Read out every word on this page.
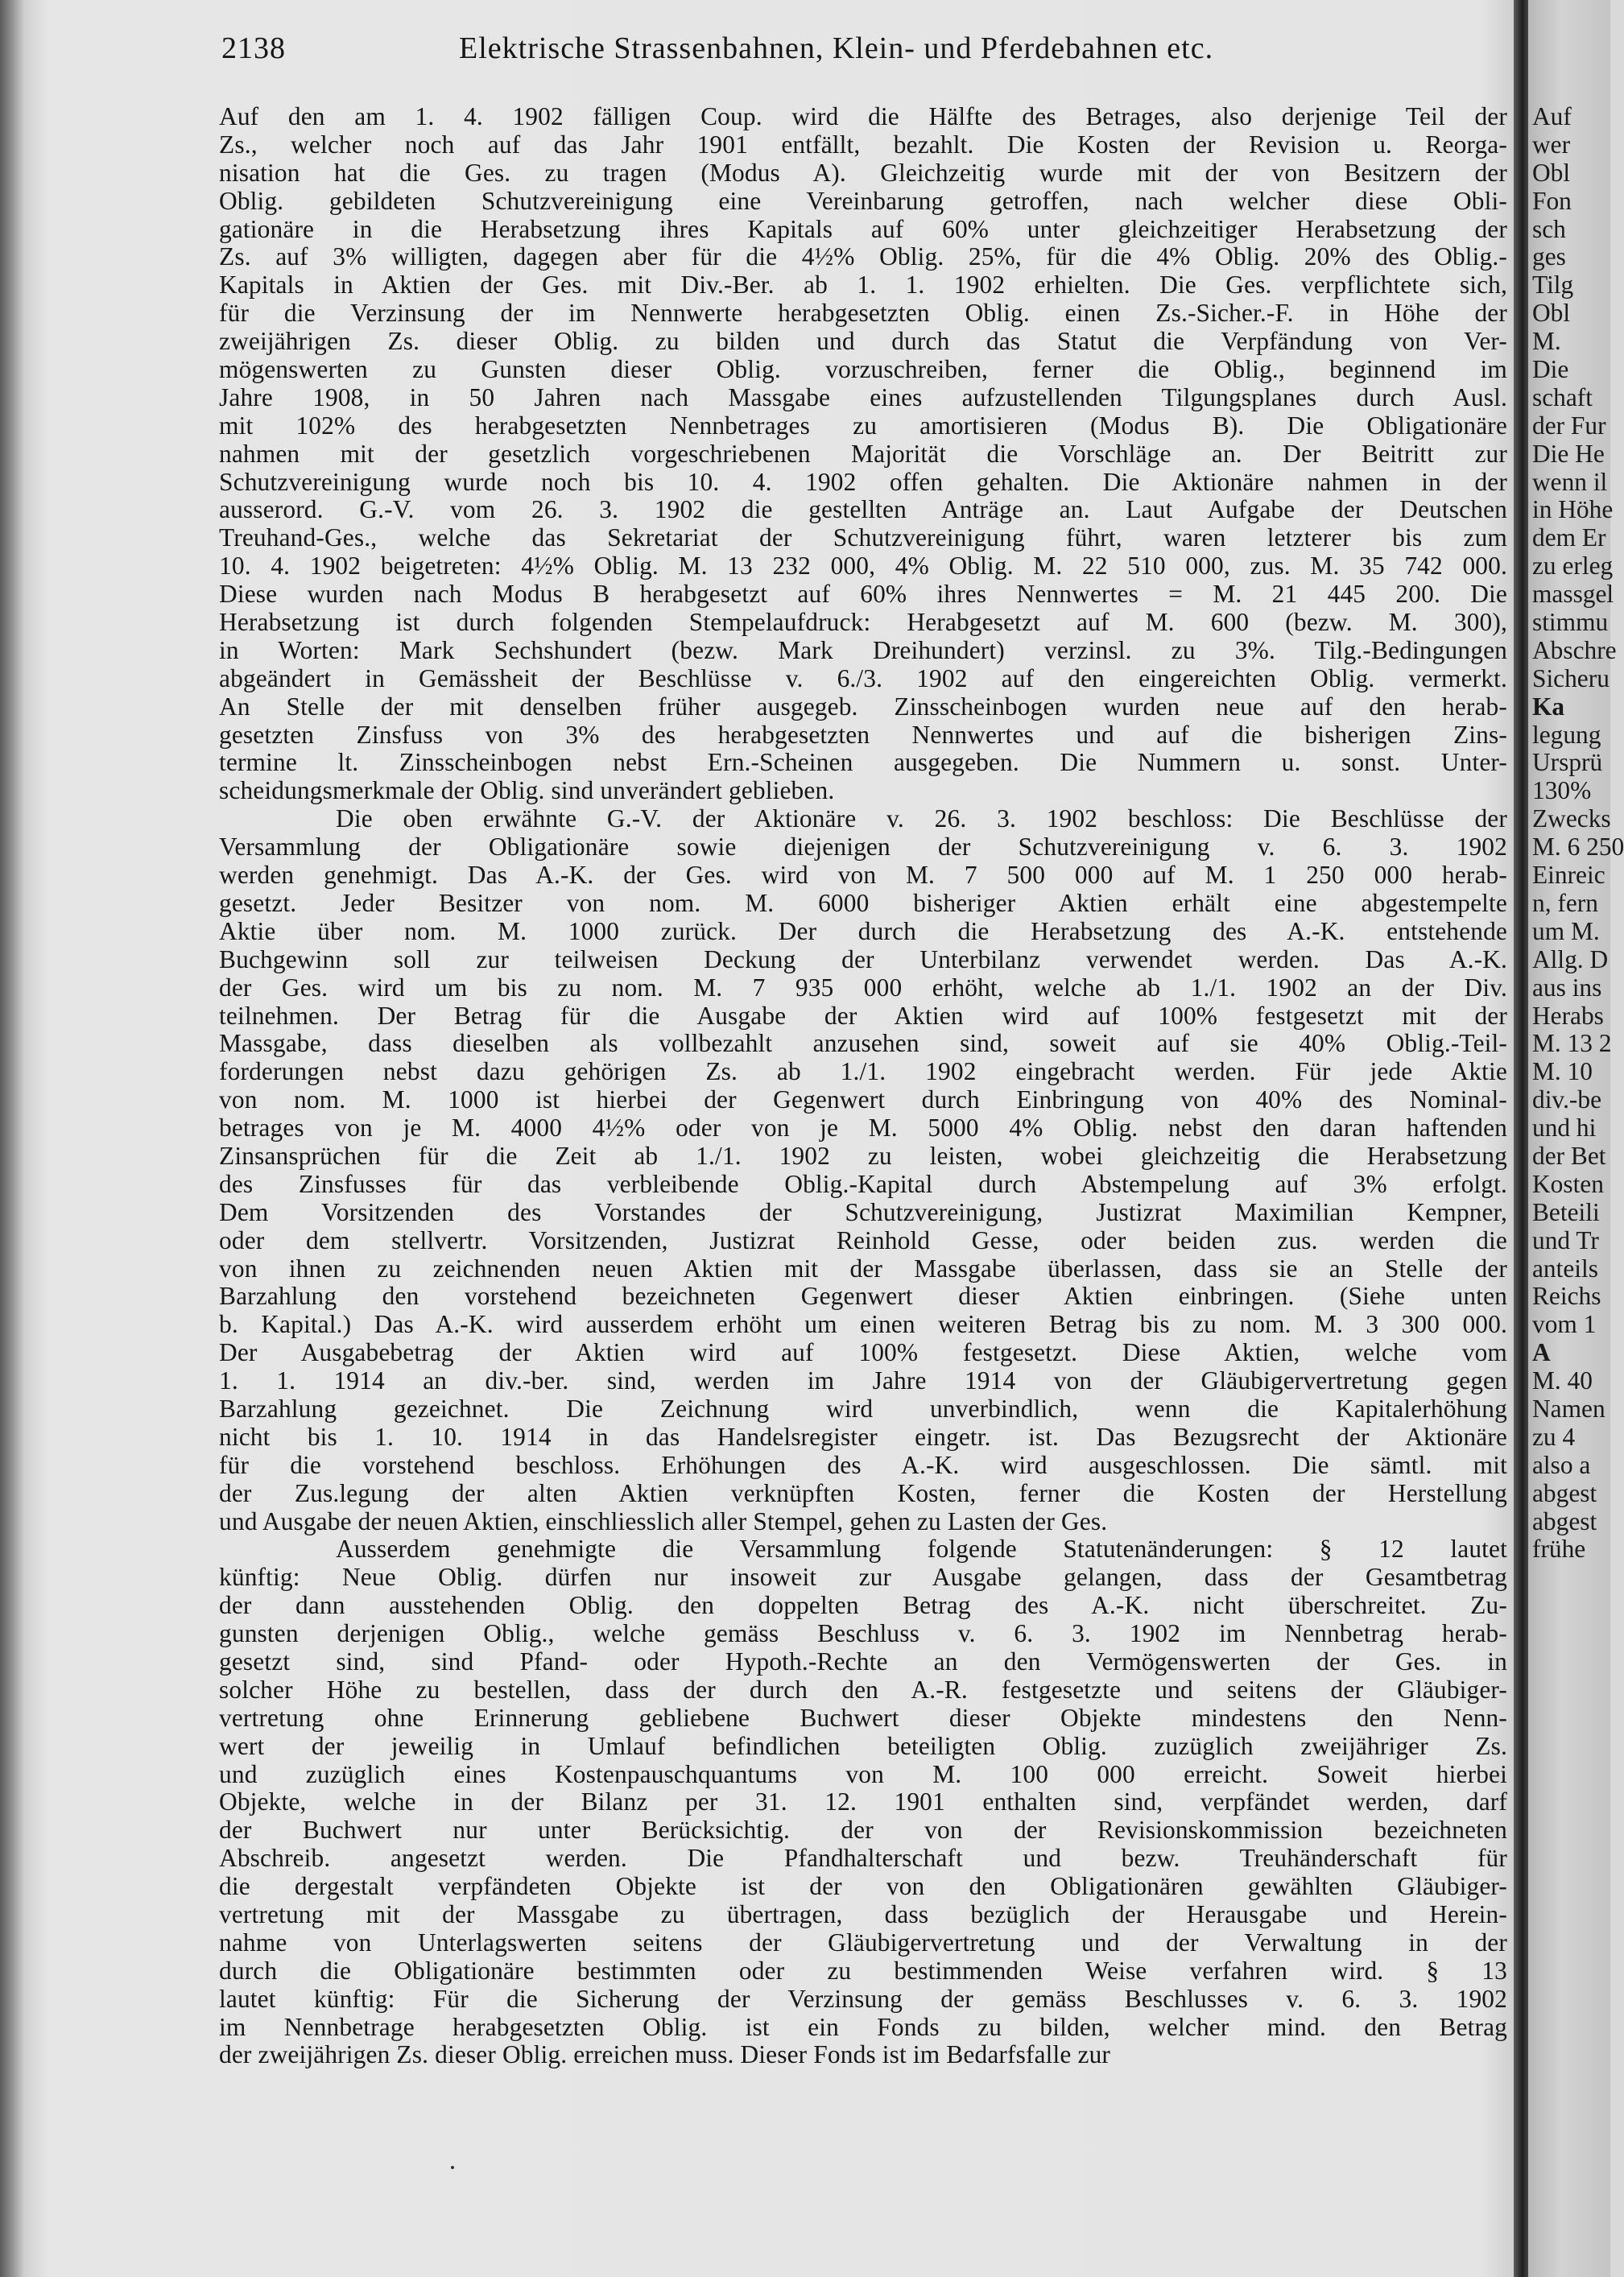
2138	Elektrische Strassenbahnen, Klein- und Pferdebahnen etc.
Auf den am 1. 4. 1902 fälligen Coup. wird die Hälfte des Betrages, also derjenige Teil der
Zs., welcher noch auf das Jahr 1901 entfällt, bezahlt. Die Kosten der Revision u. Reorga-
nisation hat die Ges. zu tragen (Modus A). Gleichzeitig wurde mit der von Besitzern der
Oblig. gebildeten Schutzvereinigung eine Vereinbarung getroffen, nach welcher diese Obli-
gationäre in die Herabsetzung ihres Kapitals auf 60% unter gleichzeitiger Herabsetzung der
Zs. auf 3% willigten, dagegen aber für die 4½% Oblig. 25%, für die 4% Oblig. 20% des Oblig.-
Kapitals in Aktien der Ges. mit Div.-Ber. ab 1. 1. 1902 erhielten. Die Ges. verpflichtete sich,
für die Verzinsung der im Nennwerte herabgesetzten Oblig. einen Zs.-Sicher.-F. in Höhe der
zweijährigen Zs. dieser Oblig. zu bilden und durch das Statut die Verpfändung von Ver-
mögenswerten zu Gunsten dieser Oblig. vorzuschreiben, ferner die Oblig., beginnend im
Jahre 1908, in 50 Jahren nach Massgabe eines aufzustellenden Tilgungsplanes durch Ausl.
mit 102% des herabgesetzten Nennbetrages zu amortisieren (Modus B). Die Obligationäre
nahmen mit der gesetzlich vorgeschriebenen Majorität die Vorschläge an. Der Beitritt zur
Schutzvereinigung wurde noch bis 10. 4. 1902 offen gehalten. Die Aktionäre nahmen in der
ausserord. G.-V. vom 26. 3. 1902 die gestellten Anträge an. Laut Aufgabe der Deutschen
Treuhand-Ges., welche das Sekretariat der Schutzvereinigung führt, waren letzterer bis zum
10. 4. 1902 beigetreten: 4½% Oblig. M. 13 232 000, 4% Oblig. M. 22 510 000, zus. M. 35 742 000.
Diese wurden nach Modus B herabgesetzt auf 60% ihres Nennwertes = M. 21 445 200. Die
Herabsetzung ist durch folgenden Stempelaufdruck: Herabgesetzt auf M. 600 (bezw. M. 300),
in Worten: Mark Sechshundert (bezw. Mark Dreihundert) verzinsl. zu 3%. Tilg.-Bedingungen
abgeändert in Gemässheit der Beschlüsse v. 6./3. 1902 auf den eingereichten Oblig. vermerkt.
An Stelle der mit denselben früher ausgegeb. Zinsscheinbogen wurden neue auf den herab-
gesetzten Zinsfuss von 3% des herabgesetzten Nennwertes und auf die bisherigen Zins-
termine lt. Zinsscheinbogen nebst Ern.-Scheinen ausgegeben. Die Nummern u. sonst. Unter-
scheidungsmerkmale der Oblig. sind unverändert geblieben.
Die oben erwähnte G.-V. der Aktionäre v. 26. 3. 1902 beschloss: Die Beschlüsse der
Versammlung der Obligationäre sowie diejenigen der Schutzvereinigung v. 6. 3. 1902
werden genehmigt. Das A.-K. der Ges. wird von M. 7 500 000 auf M. 1 250 000 herab-
gesetzt. Jeder Besitzer von nom. M. 6000 bisheriger Aktien erhält eine abgestempelte
Aktie über nom. M. 1000 zurück. Der durch die Herabsetzung des A.-K. entstehende
Buchgewinn soll zur teilweisen Deckung der Unterbilanz verwendet werden. Das A.-K.
der Ges. wird um bis zu nom. M. 7 935 000 erhöht, welche ab 1./1. 1902 an der Div.
teilnehmen. Der Betrag für die Ausgabe der Aktien wird auf 100% festgesetzt mit der
Massgabe, dass dieselben als vollbezahlt anzusehen sind, soweit auf sie 40% Oblig.-Teil-
forderungen nebst dazu gehörigen Zs. ab 1./1. 1902 eingebracht werden. Für jede Aktie
von nom. M. 1000 ist hierbei der Gegenwert durch Einbringung von 40% des Nominal-
betrages von je M. 4000 4½% oder von je M. 5000 4% Oblig. nebst den daran haftenden
Zinsansprüchen für die Zeit ab 1./1. 1902 zu leisten, wobei gleichzeitig die Herabsetzung
des Zinsfusses für das verbleibende Oblig.-Kapital durch Abstempelung auf 3% erfolgt.
Dem Vorsitzenden des Vorstandes der Schutzvereinigung, Justizrat Maximilian Kempner,
oder dem stellvertr. Vorsitzenden, Justizrat Reinhold Gesse, oder beiden zus. werden die
von ihnen zu zeichnenden neuen Aktien mit der Massgabe überlassen, dass sie an Stelle der
Barzahlung den vorstehend bezeichneten Gegenwert dieser Aktien einbringen. (Siehe unten
b. Kapital.) Das A.-K. wird ausserdem erhöht um einen weiteren Betrag bis zu nom. M. 3 300 000.
Der Ausgabebetrag der Aktien wird auf 100% festgesetzt. Diese Aktien, welche vom
1. 1. 1914 an div.-ber. sind, werden im Jahre 1914 von der Gläubigervertretung gegen
Barzahlung gezeichnet. Die Zeichnung wird unverbindlich, wenn die Kapitalerhöhung
nicht bis 1. 10. 1914 in das Handelsregister eingetr. ist. Das Bezugsrecht der Aktionäre
für die vorstehend beschloss. Erhöhungen des A.-K. wird ausgeschlossen. Die sämtl. mit
der Zus.legung der alten Aktien verknüpften Kosten, ferner die Kosten der Herstellung
und Ausgabe der neuen Aktien, einschliesslich aller Stempel, gehen zu Lasten der Ges.
Ausserdem genehmigte die Versammlung folgende Statutenänderungen: § 12 lautet
künftig: Neue Oblig. dürfen nur insoweit zur Ausgabe gelangen, dass der Gesamtbetrag
der dann ausstehenden Oblig. den doppelten Betrag des A.-K. nicht überschreitet. Zu-
gunsten derjenigen Oblig., welche gemäss Beschluss v. 6. 3. 1902 im Nennbetrag herab-
gesetzt sind, sind Pfand- oder Hypoth.-Rechte an den Vermögenswerten der Ges. in
solcher Höhe zu bestellen, dass der durch den A.-R. festgesetzte und seitens der Gläubiger-
vertretung ohne Erinnerung gebliebene Buchwert dieser Objekte mindestens den Nenn-
wert der jeweilig in Umlauf befindlichen beteiligten Oblig. zuzüglich zweijähriger Zs.
und zuzüglich eines Kostenpauschquantums von M. 100 000 erreicht. Soweit hierbei
Objekte, welche in der Bilanz per 31. 12. 1901 enthalten sind, verpfändet werden, darf
der Buchwert nur unter Berücksichtig. der von der Revisionskommission bezeichneten
Abschreib. angesetzt werden. Die Pfandhalterschaft und bezw. Treuhänderschaft für
die dergestalt verpfändeten Objekte ist der von den Obligationären gewählten Gläubiger-
vertretung mit der Massgabe zu übertragen, dass bezüglich der Herausgabe und Herein-
nahme von Unterlagswerten seitens der Gläubigervertretung und der Verwaltung in der
durch die Obligationäre bestimmten oder zu bestimmenden Weise verfahren wird. § 13
lautet künftig: Für die Sicherung der Verzinsung der gemäss Beschlusses v. 6. 3. 1902
im Nennbetrage herabgesetzten Oblig. ist ein Fonds zu bilden, welcher mind. den Betrag
der zweijährigen Zs. dieser Oblig. erreichen muss. Dieser Fonds ist im Bedarfsfalle zur
Auf
wer
Obl
Fon
sch
ges
Tilg
Obl
M.
Die
schaft
der Fur
Die He
wenn il
in Höhe
dem Er
zu erleg
massgel
stimmu
Abschre
Sicheru
Ka
legung
Ursprü
130%
Zwecks
M. 6 250
Einreic
n, fern
um M.
Allg. D
aus ins
Herabs
M. 13 2
M. 10
div.-be
und hi
der Bet
Kosten
Beteili
und Tr
anteils
Reichs
vom 1
A
M. 40
Namen
zu 4
also a
abgest
abgest
frühe
